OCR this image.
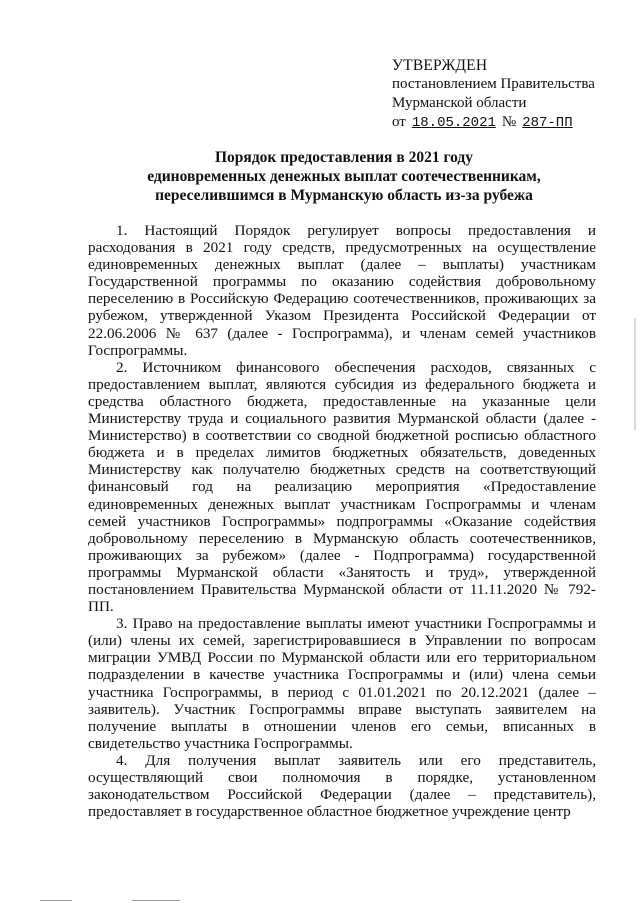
УТВЕРЖДЕН
постановлением Правительства
Мурманской области
от 18.05.2021 № 287-ПП
Порядок предоставления в 2021 году
единовременных денежных выплат соотечественникам,
переселившимся в Мурманскую область из-за рубежа

1. Настоящий Порядок регулирует вопросы предоставления и расходования в 2021 году средств, предусмотренных на осуществление единовременных денежных выплат (далее – выплаты) участникам Государственной программы по оказанию содействия добровольному переселению в Российскую Федерацию соотечественников, проживающих за рубежом, утвержденной Указом Президента Российской Федерации от 22.06.2006 № 637 (далее - Госпрограмма), и членам семей участников Госпрограммы.

2. Источником финансового обеспечения расходов, связанных с предоставлением выплат, являются субсидия из федерального бюджета и средства областного бюджета, предоставленные на указанные цели Министерству труда и социального развития Мурманской области (далее - Министерство) в соответствии со сводной бюджетной росписью областного бюджета и в пределах лимитов бюджетных обязательств, доведенных Министерству как получателю бюджетных средств на соответствующий финансовый год на реализацию мероприятия «Предоставление единовременных денежных выплат участникам Госпрограммы и членам семей участников Госпрограммы» подпрограммы «Оказание содействия добровольному переселению в Мурманскую область соотечественников, проживающих за рубежом» (далее - Подпрограмма) государственной программы Мурманской области «Занятость и труд», утвержденной постановлением Правительства Мурманской области от 11.11.2020 № 792-ПП.

3. Право на предоставление выплаты имеют участники Госпрограммы и (или) члены их семей, зарегистрировавшиеся в Управлении по вопросам миграции УМВД России по Мурманской области или его территориальном подразделении в качестве участника Госпрограммы и (или) члена семьи участника Госпрограммы, в период с 01.01.2021 по 20.12.2021 (далее – заявитель). Участник Госпрограммы вправе выступать заявителем на получение выплаты в отношении членов его семьи, вписанных в свидетельство участника Госпрограммы.

4. Для получения выплат заявитель или его представитель, осуществляющий свои полномочия в порядке, установленном законодательством Российской Федерации (далее – представитель), предоставляет в государственное областное бюджетное учреждение центр
